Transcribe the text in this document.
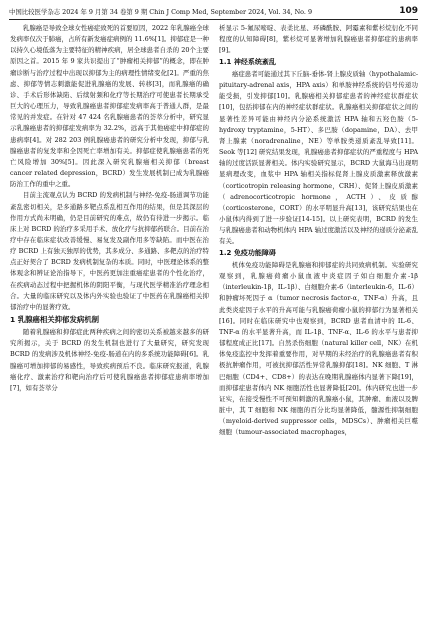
中国比较医学杂志 2024 年 9 月第 34 卷第 9 期 Chin J Comp Med, September 2024, Vol. 34, No. 9	109

乳腺癌是导致全球女性癌症致死的首要原因，2022 年乳腺癌全球发病率仅次于肺癌，占所有新发癌症病例的 11.6%[1]。抑郁症是一种以持久心境低落为主要特征的精神疾病，居全球患者自杀的 20个主要原因之首。2015 年 9 家共识提出了“肿瘤相关抑郁”的概念，即在肿瘤诊断与治疗过程中出现以抑郁为主的病理性情绪变化[2]。严重的焦虑、抑郁等情志刺激能促进乳腺癌的发展、转移[3]，而乳腺癌的确诊、手术后形体缺陷、后续射频和化疗等长期治疗可使患者长期承受巨大的心理压力，导致乳腺癌患者抑郁症发病率高于普通人群，是最常见的并发症。在针对 47 424 名乳腺癌患者的荟萃分析中，研究显示乳腺癌患者的抑郁症发病率为 32.2%，远高于其他癌症中抑郁症的患病率[4]。对 282 203 例乳腺癌患者的研究分析中发现，抑郁与乳腺癌患者的复发率和全因死亡率增加有关。抑郁症使乳腺癌患者的死亡风险增加 30%[5]。因此深入研究乳腺癌相关抑郁（breast cancer related depression，BCRD）发生发展机制已成为乳腺癌防治工作的重中之重。

目前主流观点认为 BCRD 的发病机制与神经-免疫-肠道调节功能紊乱密切相关，是多通路多靶点系乱相互作用的结果，但是其深层的作用方式尚未明确，仍是目前研究的难点，故仍有待进一步揭示。临床上对 BCRD 的治疗多采用手术、放化疗与抗抑郁药联合。目前在治疗中存在临床症状改善缓慢、易复发及副作用多等缺陷。而中医在治疗 BCRD 上有独天独厚的优势，其多成分、多通路、多靶点的治疗特点正好契合了 BCRD 发病机制复杂的本质。同时，中医理论体系的整体观念和辨证论治指导下，中医药更加注重癌症患者的个性化治疗，在疾病动态过程中把握机体的阴阳平衡，与现代医学精准治疗理念相合。大量的临床研究以及体内外实验也验证了中医药在乳腺癌相关抑郁治疗中的显著疗效。

1 乳腺癌相关抑郁发病机制

随着乳腺癌和抑郁症此两种疾病之间的密切关系被越来越多的研究所揭示，关于 BCRD 的发生机制也进行了大量研究，研究发现 BCRD 的发病涉及机体神经-免疫-肠道在内的多系统功能障碍[6]。乳腺癌可增加抑郁的易感性，导致疾病预后不良。临床研究报道，乳腺癌化疗、激素治疗和靶向治疗后可使乳腺癌患者抑郁症患病率增加[7]，如有荟萃分

析显示 5-氟尿嘧啶、表柔比星、环磷酰胺、阿霉素和紫杉烷衍化不同程度的认知障碍[8]，紫杉烷可显著增加乳腺癌患者抑郁症的患病率[9]。

1.1 神经系统紊乱

癌症患者可能通过其下丘脑-垂体-肾上腺皮质轴（hypothalamic-pituitary-adrenal axis，HPA axis）和单胺神经系统的信号传递功能受损，引发抑郁[10]。乳腺癌相关抑郁症患者的神经症状群症状[10]，包括抑郁在内的神经症状群症状。乳腺癌相关抑郁症状之间的显著性差异可能由神经内分泌系统激活 HPA 轴和五羟色胺（5-hydroxy tryptamine，5-HT）、多巴胺（dopamine，DA）、去甲肾上腺素（noradrenaline，NE）等单胺类递质紊乱导致[11]。Seok 等[12] 研究结果发现，乳腺癌患者抑郁症状的严重程度与 HPA 轴的过度活跃显著相关。体内实验研究显示，BCRD 大鼠海马出现明显病理改变，血浆中 HPA 轴相关指标促肾上腺皮质激素释放激素（corticotropin releasing hormone，CRH）、促肾上腺皮质激素（adrenocorticotropic hormone，ACTH）、皮质醇（corticosterone，CORT）的水平明显升高[13]，该研究结果也在小鼠体内得到了进一步验证[14-15]。以上研究表明，BCRD 的发生与乳腺癌患者和动物机体内 HPA 轴过度激活以及神经的递质分泌紊乱有关。

1.2 免疫功能障碍

机体免疫功能障碍是乳腺癌和抑郁症的共同致病机制。实验研究观察到，乳腺癌荷瘤小鼠血液中炎症因子如白细胞介素-1β（interleukin-1β，IL-1β）、白细胞介素-6（interleukin-6，IL-6）和肿瘤坏死因子 α（tumor necrosis factor-α，TNF-α）升高，且此类炎症因子水平的升高可能与乳腺癌荷瘤小鼠的抑郁行为显著相关[16]。同时在临床研究中也观察到，BCRD 患者血清中的 IL-6、TNF-α 的水平显著升高，而 IL-1β、TNF-α、IL-6 的水平与患者抑郁程度成正比[17]。自然杀伤细胞（natural killer cell，NK）在机体免疫监控中发挥着重要作用，对早期的未经治疗的乳腺癌患者有积极抗肿瘤作用，可被抗抑郁活性异常乳腺抑郁[18]。NK 细胞、T 淋巴细胞（CD4+、CD8+）的表达在晚期乳腺癌体内显著下降[19]，而抑郁症患者体内 NK 细胞活性也显著降低[20]。体内研究也进一步证实，在接受慢性不可预知刺激的乳腺癌小鼠，其肿瘤、血液以及脾脏中，其 T 细胞和 NK 细胞的百分比均显著降低，髓源性抑制细胞（myeloid-derived suppressor cells，MDSCs）、肿瘤相关巨噬细胞（tumour-associated macrophages，
